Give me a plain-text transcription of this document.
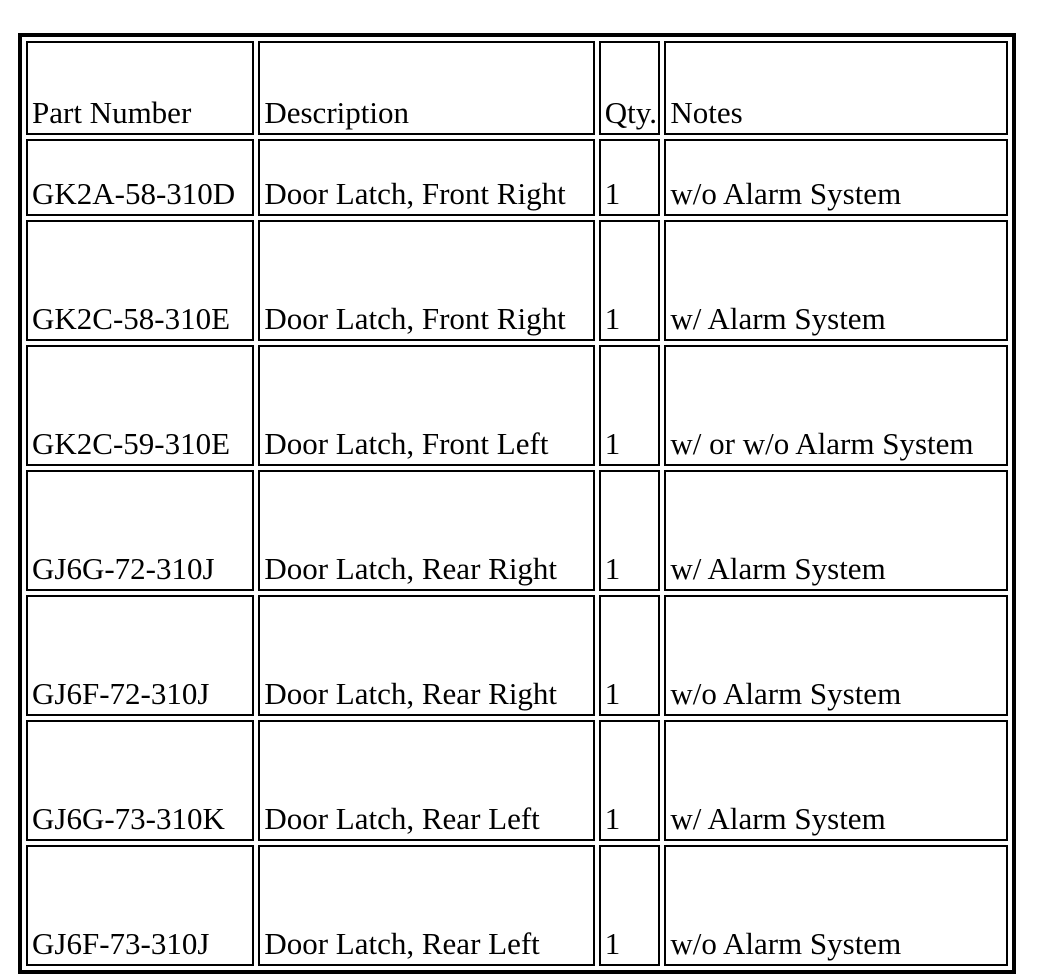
Part Number	Description	Qty.	Notes
GK2A-58-310D	Door Latch, Front Right	1	w/o Alarm System
GK2C-58-310E	Door Latch, Front Right	1	w/ Alarm System
GK2C-59-310E	Door Latch, Front Left	1	w/ or w/o Alarm System
GJ6G-72-310J	Door Latch, Rear Right	1	w/ Alarm System
GJ6F-72-310J	Door Latch, Rear Right	1	w/o Alarm System
GJ6G-73-310K	Door Latch, Rear Left	1	w/ Alarm System
GJ6F-73-310J	Door Latch, Rear Left	1	w/o Alarm System
